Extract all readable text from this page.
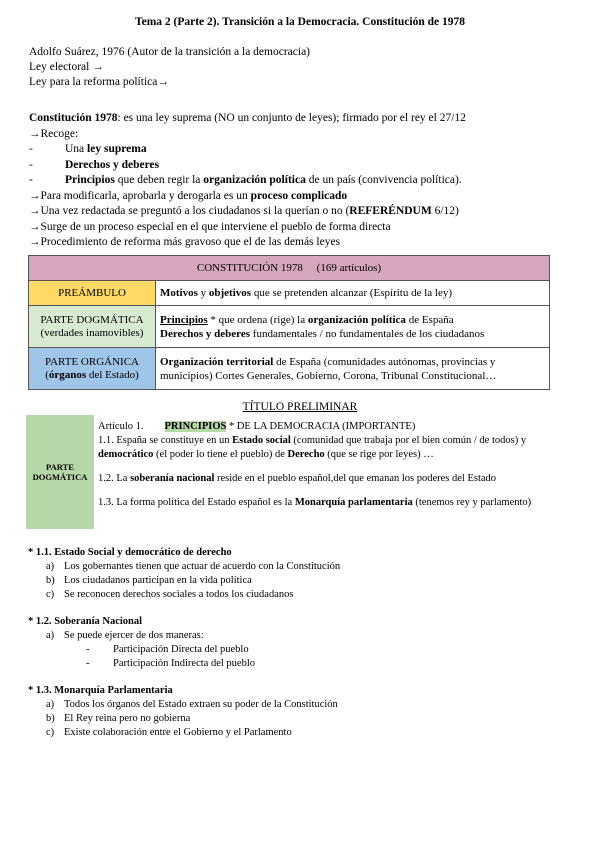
Tema 2 (Parte 2). Transición a la Democracia. Constitución de 1978
Adolfo Suárez, 1976 (Autor de la transición a la democracia)
Ley electoral →
Ley para la reforma política→
Constitución 1978: es una ley suprema (NO un conjunto de leyes); firmado por el rey el 27/12
→Recoge:
-	Una ley suprema
-	Derechos y deberes
-	Principios que deben regir la organización política de un país (convivencia política).
→Para modificarla, aprobarla y derogarla es un proceso complicado
→Una vez redactada se preguntó a los ciudadanos si la querían o no (REFERÉNDUM 6/12)
→Surge de un proceso especial en el que interviene el pueblo de forma directa
→Procedimiento de reforma más gravoso que el de las demás leyes
CONSTITUCIÓN 1978     (169 artículos)	
PREÁMBULO	Motivos y objetivos que se pretenden alcanzar (Espíritu de la ley)
PARTE DOGMÁTICA
(verdades inamovibles)	Principios * que ordena (rige) la organización política de España
Derechos y deberes fundamentales / no fundamentales de los ciudadanos
PARTE ORGÁNICA
(órganos del Estado)	Organización territorial de España (comunidades autónomas, provincias y municipios) Cortes Generales, Gobierno, Corona, Tribunal Constitucional…
TÍTULO PRELIMINAR
PARTE DOGMÁTICA
Artículo 1.        PRINCIPIOS * DE LA DEMOCRACIA (IMPORTANTE)
1.1. España se constituye en un Estado social (comunidad que trabaja por el bien común / de todos) y democrático (el poder lo tiene el pueblo) de Derecho (que se rige por leyes) …
1.2. La soberanía nacional reside en el pueblo español,del que emanan los poderes del Estado
1.3. La forma política del Estado español es la Monarquía parlamentaria (tenemos rey y parlamento)
* 1.1. Estado Social y democrático de derecho
a) Los gobernantes tienen que actuar de acuerdo con la Constitución
b) Los ciudadanos participan en la vida política
c) Se reconocen derechos sociales a todos los ciudadanos
* 1.2. Soberanía Nacional
a) Se puede ejercer de dos maneras:
- Participación Directa del pueblo
- Participación Indirecta del pueblo
* 1.3. Monarquía Parlamentaria
a) Todos los órganos del Estado extraen su poder de la Constitución
b) El Rey reina pero no gobierna
c) Existe colaboración entre el Gobierno y el Parlamento
